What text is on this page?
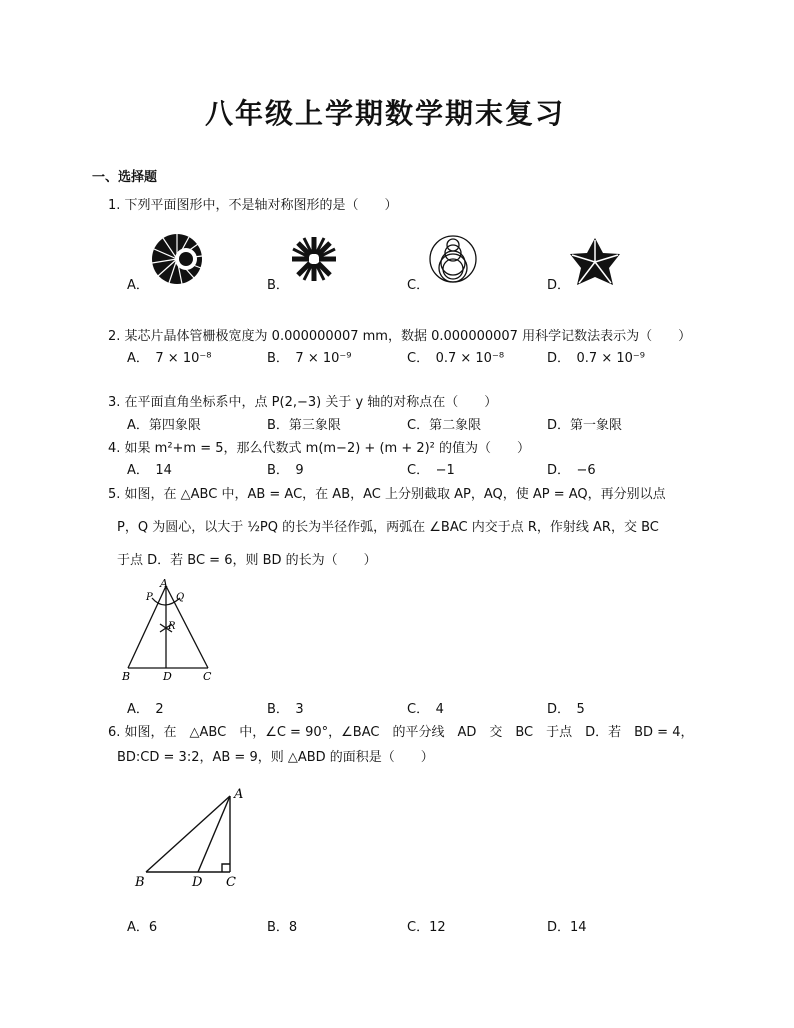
八年级上学期数学期末复习
一、选择题
1. 下列平面图形中，不是轴对称图形的是（　　）
A．	B．	C．	D．
2. 某芯片晶体管栅极宽度为 0.000000007 mm，数据 0.000000007 用科学记数法表示为（　　）
A．　7 × 10⁻⁸	B．　7 × 10⁻⁹	C．　0.7 × 10⁻⁸	D．　0.7 × 10⁻⁹
3. 在平面直角坐标系中，点 P(2,−3) 关于 y 轴的对称点在（　　）
A．第四象限	B．第三象限	C．第二象限	D．第一象限
4. 如果 m²+m = 5，那么代数式 m(m−2) + (m + 2)² 的值为（　　）
A．　14	B．　9	C．　−1	D．　−6
5. 如图，在 △ABC 中，AB = AC，在 AB，AC 上分别截取 AP，AQ，使 AP = AQ，再分别以点
P，Q 为圆心，以大于 ½PQ 的长为半径作弧，两弧在 ∠BAC 内交于点 R，作射线 AR，交 BC
于点 D．若 BC = 6，则 BD 的长为（　　）
A
P Q
R
B	D	C
A．　2	B．　3	C．　4	D．　5
6. 如图，在　△ABC　中，∠C = 90°，∠BAC　的平分线　AD　交　BC　于点　D．若　BD = 4，
BD:CD = 3:2，AB = 9，则 △ABD 的面积是（　　）
A
B	D C
A．6	B．8	C．12	D．14
